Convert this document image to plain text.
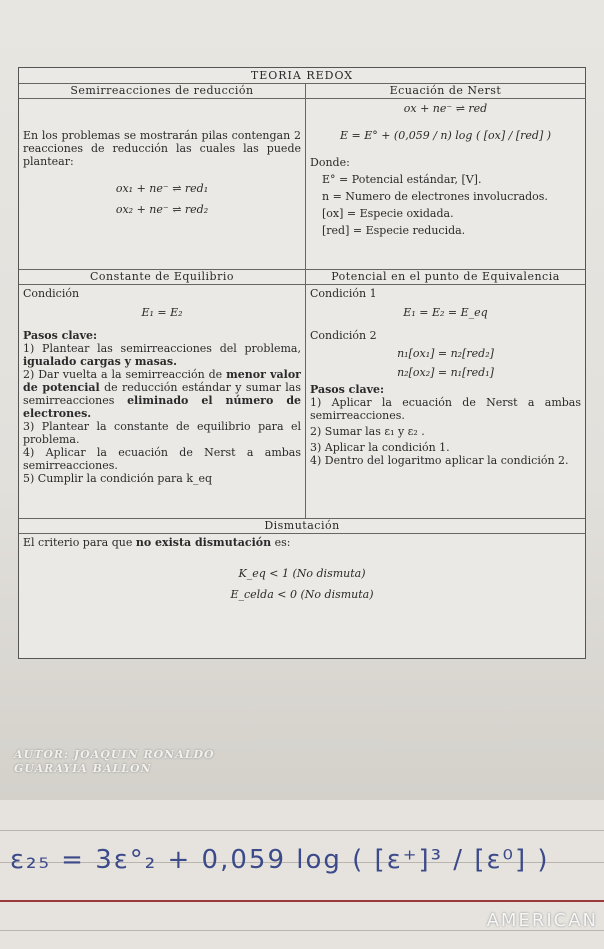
TEORIA REDOX
Semirreacciones de reducción
En los problemas se mostrarán pilas contengan 2 reacciones de reducción las cuales las puede plantear:
ox₁ + ne⁻ ⇌ red₁
ox₂ + ne⁻ ⇌ red₂
Ecuación de Nerst
ox + ne⁻ ⇌ red
E = E° + (0,059 / n) log ( [ox] / [red] )
Donde:
E° = Potencial estándar, [V].
n = Numero de electrones involucrados.
[ox] = Especie oxidada.
[red] = Especie reducida.
Constante de Equilibrio
Condición
E₁ = E₂
Pasos clave:
1) Plantear las semirreacciones del problema, igualado cargas y masas.
2) Dar vuelta a la semirreacción de menor valor de potencial de reducción estándar y sumar las semirreacciones eliminado el número de electrones.
3) Plantear la constante de equilibrio para el problema.
4) Aplicar la ecuación de Nerst a ambas semirreacciones.
5) Cumplir la condición para k_eq
Potencial en el punto de Equivalencia
Condición 1
E₁ = E₂ = E_eq
Condición 2
n₁[ox₁] = n₂[red₂]
n₂[ox₂] = n₁[red₁]
Pasos clave:
1) Aplicar la ecuación de Nerst a ambas semirreacciones.
2) Sumar las ε₁ y ε₂ .
3) Aplicar la condición 1.
4) Dentro del logaritmo aplicar la condición 2.
Dismutación
El criterio para que no exista dismutación es:
K_eq < 1 (No dismuta)
E_celda < 0 (No dismuta)
AUTOR: JOAQUIN RONALDO
GUARAYIA BALLON
ε₂₅ = 3ε°₂ + 0,059 log ( [ε⁺]³ / [ε⁰] )
AMERICAN
